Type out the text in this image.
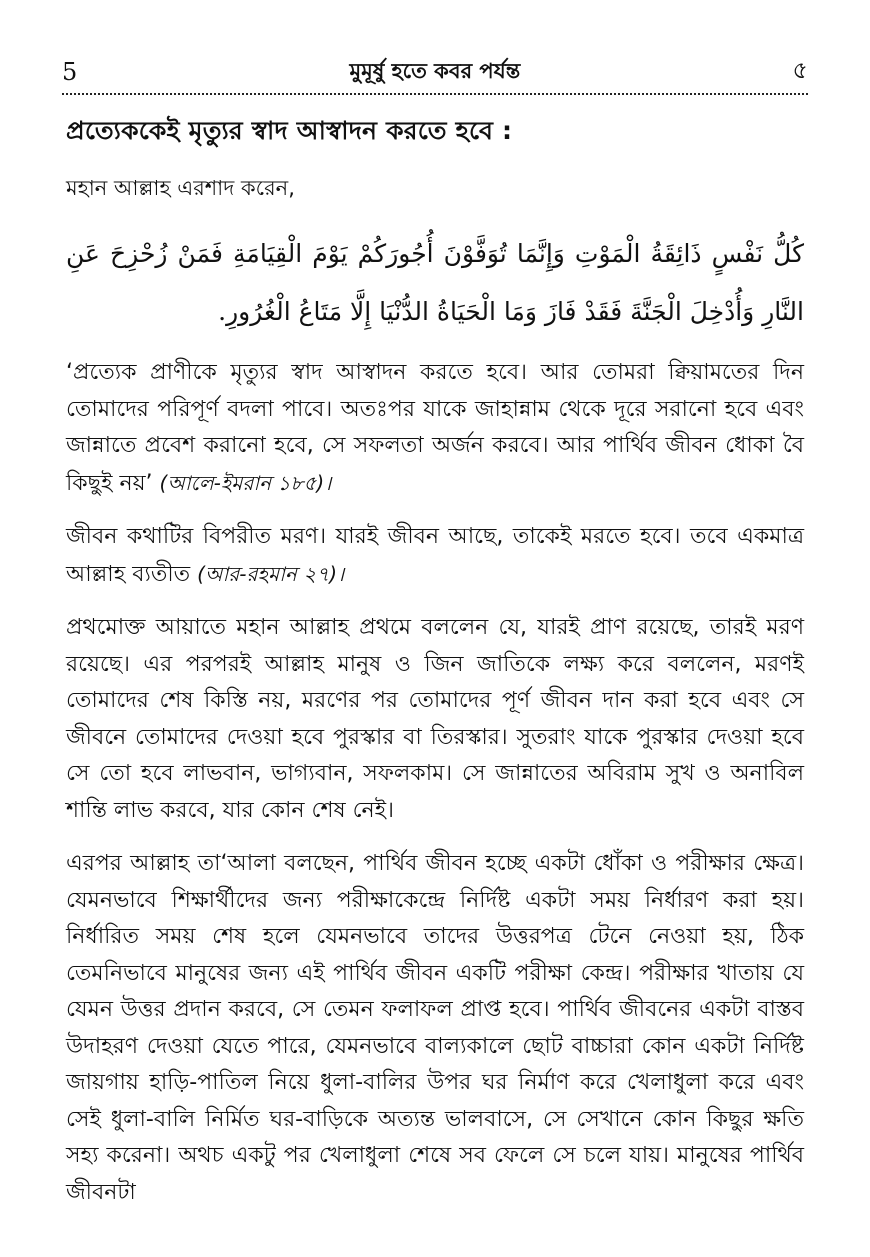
5	মুমূর্ষু হতে কবর পর্যন্ত	৫
প্রত্যেককেই মৃত্যুর স্বাদ আস্বাদন করতে হবে :
মহান আল্লাহ এরশাদ করেন,
كُلُّ نَفْسٍ ذَائِقَةُ الْمَوْتِ وَإِنَّمَا تُوَفَّوْنَ أُجُورَكُمْ يَوْمَ الْقِيَامَةِ فَمَنْ زُحْزِحَ عَنِ النَّارِ وَأُدْخِلَ الْجَنَّةَ فَقَدْ فَازَ وَمَا الْحَيَاةُ الدُّنْيَا إِلَّا مَتَاعُ الْغُرُورِ.

‘প্রত্যেক প্রাণীকে মৃত্যুর স্বাদ আস্বাদন করতে হবে। আর তোমরা ক্বিয়ামতের দিন তোমাদের পরিপূর্ণ বদলা পাবে। অতঃপর যাকে জাহান্নাম থেকে দূরে সরানো হবে এবং জান্নাতে প্রবেশ করানো হবে, সে সফলতা অর্জন করবে। আর পার্থিব জীবন ধোকা বৈ কিছুই নয়’ (আলে-ইমরান ১৮৫)।

জীবন কথাটির বিপরীত মরণ। যারই জীবন আছে, তাকেই মরতে হবে। তবে একমাত্র আল্লাহ ব্যতীত (আর-রহমান ২৭)।

প্রথমোক্ত আয়াতে মহান আল্লাহ প্রথমে বললেন যে, যারই প্রাণ রয়েছে, তারই মরণ রয়েছে। এর পরপরই আল্লাহ মানুষ ও জিন জাতিকে লক্ষ্য করে বললেন, মরণই তোমাদের শেষ কিস্তি নয়, মরণের পর তোমাদের পূর্ণ জীবন দান করা হবে এবং সে জীবনে তোমাদের দেওয়া হবে পুরস্কার বা তিরস্কার। সুতরাং যাকে পুরস্কার দেওয়া হবে সে তো হবে লাভবান, ভাগ্যবান, সফলকাম। সে জান্নাতের অবিরাম সুখ ও অনাবিল শান্তি লাভ করবে, যার কোন শেষ নেই।

এরপর আল্লাহ তা‘আলা বলছেন, পার্থিব জীবন হচ্ছে একটা ধোঁকা ও পরীক্ষার ক্ষেত্র। যেমনভাবে শিক্ষার্থীদের জন্য পরীক্ষাকেন্দ্রে নির্দিষ্ট একটা সময় নির্ধারণ করা হয়। নির্ধারিত সময় শেষ হলে যেমনভাবে তাদের উত্তরপত্র টেনে নেওয়া হয়, ঠিক তেমনিভাবে মানুষের জন্য এই পার্থিব জীবন একটি পরীক্ষা কেন্দ্র। পরীক্ষার খাতায় যে যেমন উত্তর প্রদান করবে, সে তেমন ফলাফল প্রাপ্ত হবে। পার্থিব জীবনের একটা বাস্তব উদাহরণ দেওয়া যেতে পারে, যেমনভাবে বাল্যকালে ছোট বাচ্চারা কোন একটা নির্দিষ্ট জায়গায় হাড়ি-পাতিল নিয়ে ধুলা-বালির উপর ঘর নির্মাণ করে খেলাধুলা করে এবং সেই ধুলা-বালি নির্মিত ঘর-বাড়িকে অত্যন্ত ভালবাসে, সে সেখানে কোন কিছুর ক্ষতি সহ্য করেনা। অথচ একটু পর খেলাধুলা শেষে সব ফেলে সে চলে যায়। মানুষের পার্থিব জীবনটা
